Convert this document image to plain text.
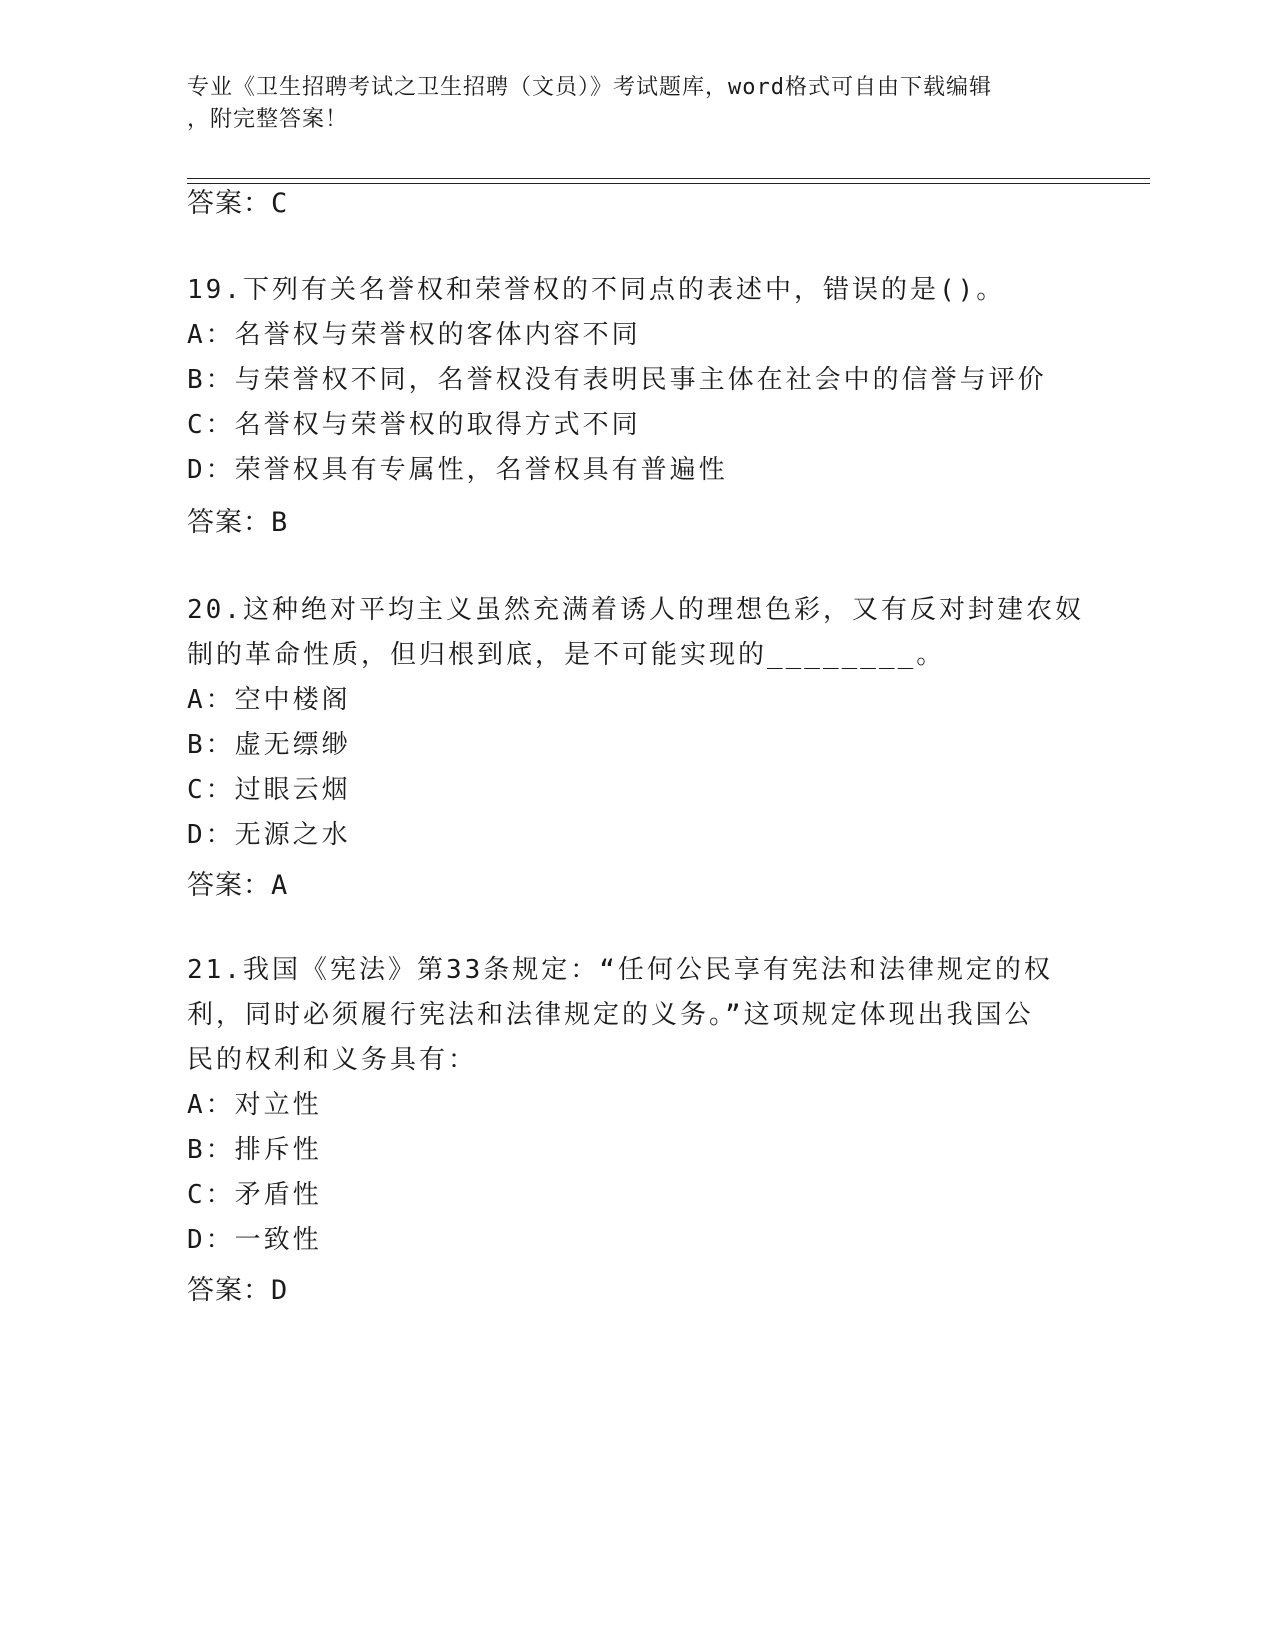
专业《卫生招聘考试之卫生招聘（文员）》考试题库，word格式可自由下载编辑
，附完整答案！
答案：C
19.下列有关名誉权和荣誉权的不同点的表述中，错误的是()。
A：名誉权与荣誉权的客体内容不同
B：与荣誉权不同，名誉权没有表明民事主体在社会中的信誉与评价
C：名誉权与荣誉权的取得方式不同
D：荣誉权具有专属性，名誉权具有普遍性
答案：B
20.这种绝对平均主义虽然充满着诱人的理想色彩，又有反对封建农奴
制的革命性质，但归根到底，是不可能实现的________。
A：空中楼阁
B：虚无缥缈
C：过眼云烟
D：无源之水
答案：A
21.我国《宪法》第33条规定：“任何公民享有宪法和法律规定的权
利，同时必须履行宪法和法律规定的义务。”这项规定体现出我国公
民的权利和义务具有：
A：对立性
B：排斥性
C：矛盾性
D：一致性
答案：D
